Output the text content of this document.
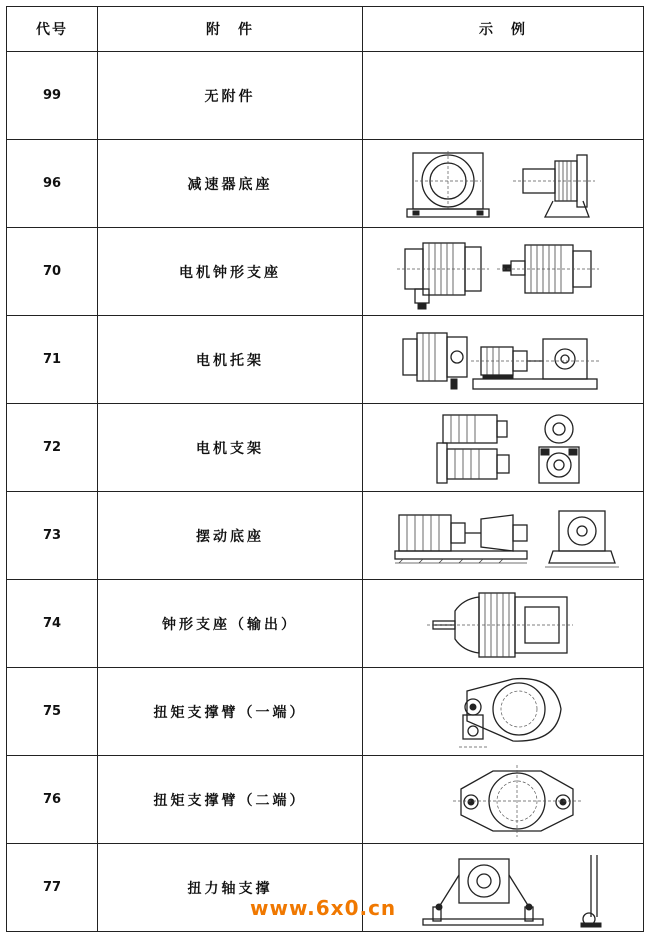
代号	附　件	示　例
99	无附件	
96	减速器底座	

70	电机钟形支座	

71	电机托架	

72	电机支架	

73	摆动底座	

74	钟形支座（输出）	

75	扭矩支撑臂（一端）	

76	扭矩支撑臂（二端）	

77	扭力轴支撑	
www.6x0.cn
